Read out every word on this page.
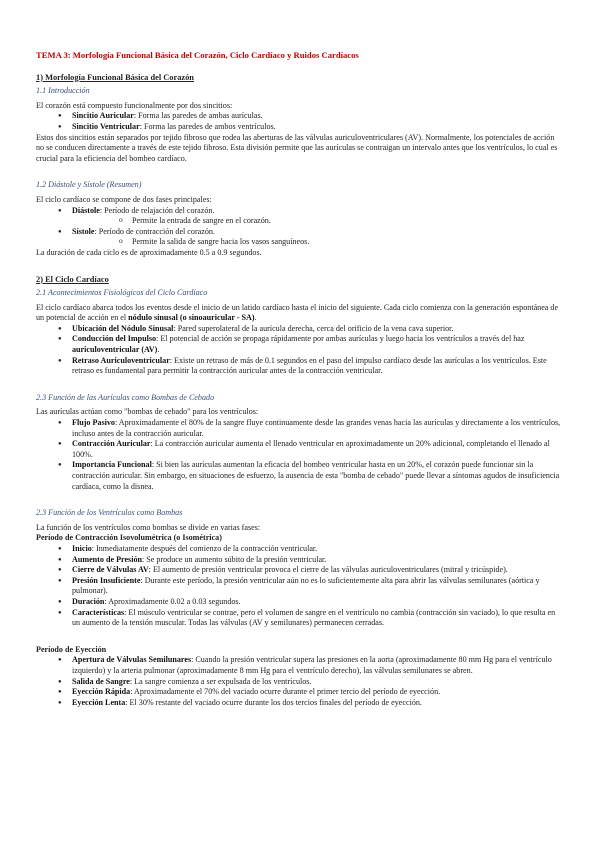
TEMA 3: Morfología Funcional Básica del Corazón, Ciclo Cardíaco y Ruidos Cardíacos

1) Morfología Funcional Básica del Corazón

1.1 Introducción

El corazón está compuesto funcionalmente por dos sincitios:

● Sincitio Auricular: Forma las paredes de ambas aurículas.
● Sincitio Ventricular: Forma las paredes de ambos ventrículos.

Estos dos sincitios están separados por tejido fibroso que rodea las aberturas de las válvulas auriculoventriculares (AV). Normalmente, los potenciales de acción no se conducen directamente a través de este tejido fibroso. Esta división permite que las aurículas se contraigan un intervalo antes que los ventrículos, lo cual es crucial para la eficiencia del bombeo cardíaco.

1.2 Diástole y Sístole (Resumen)

El ciclo cardíaco se compone de dos fases principales:

● Diástole: Período de relajación del corazón.
o Permite la entrada de sangre en el corazón.
● Sístole: Período de contracción del corazón.
o Permite la salida de sangre hacia los vasos sanguíneos.

La duración de cada ciclo es de aproximadamente 0.5 a 0.9 segundos.

2) El Ciclo Cardíaco

2.1 Acontecimientos Fisiológicos del Ciclo Cardíaco

El ciclo cardíaco abarca todos los eventos desde el inicio de un latido cardíaco hasta el inicio del siguiente. Cada ciclo comienza con la generación espontánea de un potencial de acción en el nódulo sinusal (o sinoauricular - SA).

● Ubicación del Nódulo Sinusal: Pared superolateral de la aurícula derecha, cerca del orificio de la vena cava superior.
● Conducción del Impulso: El potencial de acción se propaga rápidamente por ambas aurículas y luego hacia los ventrículos a través del haz auriculoventricular (AV).
● Retraso Auriculoventricular: Existe un retraso de más de 0.1 segundos en el paso del impulso cardíaco desde las aurículas a los ventrículos. Este retraso es fundamental para permitir la contracción auricular antes de la contracción ventricular.

2.3 Función de las Aurículas como Bombas de Cebado

Las aurículas actúan como "bombas de cebado" para los ventrículos:

● Flujo Pasivo: Aproximadamente el 80% de la sangre fluye continuamente desde las grandes venas hacia las aurículas y directamente a los ventrículos, incluso antes de la contracción auricular.
● Contracción Auricular: La contracción auricular aumenta el llenado ventricular en aproximadamente un 20% adicional, completando el llenado al 100%.
● Importancia Funcional: Si bien las aurículas aumentan la eficacia del bombeo ventricular hasta en un 20%, el corazón puede funcionar sin la contracción auricular. Sin embargo, en situaciones de esfuerzo, la ausencia de esta "bomba de cebado" puede llevar a síntomas agudos de insuficiencia cardíaca, como la disnea.

2.3 Función de los Ventrículos como Bombas

La función de los ventrículos como bombas se divide en varias fases:

Período de Contracción Isovolumétrica (o Isométrica)

● Inicio: Inmediatamente después del comienzo de la contracción ventricular.
● Aumento de Presión: Se produce un aumento súbito de la presión ventricular.
● Cierre de Válvulas AV: El aumento de presión ventricular provoca el cierre de las válvulas auriculoventriculares (mitral y tricúspide).
● Presión Insuficiente: Durante este período, la presión ventricular aún no es lo suficientemente alta para abrir las válvulas semilunares (aórtica y pulmonar).
● Duración: Aproximadamente 0.02 a 0.03 segundos.
● Características: El músculo ventricular se contrae, pero el volumen de sangre en el ventrículo no cambia (contracción sin vaciado), lo que resulta en un aumento de la tensión muscular. Todas las válvulas (AV y semilunares) permanecen cerradas.

Período de Eyección

● Apertura de Válvulas Semilunares: Cuando la presión ventricular supera las presiones en la aorta (aproximadamente 80 mm Hg para el ventrículo izquierdo) y la arteria pulmonar (aproximadamente 8 mm Hg para el ventrículo derecho), las válvulas semilunares se abren.
● Salida de Sangre: La sangre comienza a ser expulsada de los ventrículos.
● Eyección Rápida: Aproximadamente el 70% del vaciado ocurre durante el primer tercio del período de eyección.
● Eyección Lenta: El 30% restante del vaciado ocurre durante los dos tercios finales del período de eyección.
